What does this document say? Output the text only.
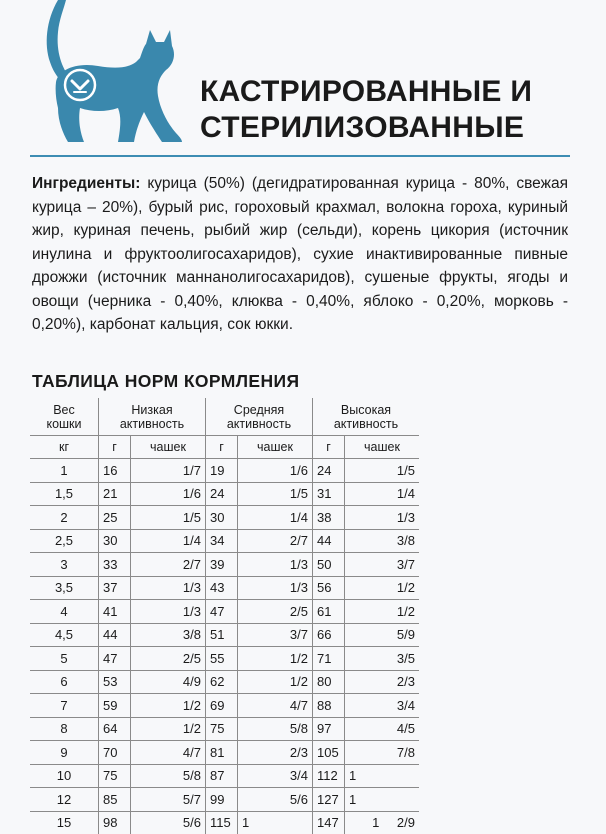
КАСТРИРОВАННЫЕ И
СТЕРИЛИЗОВАННЫЕ
Ингредиенты: курица (50%) (дегидратированная курица - 80%, свежая курица – 20%), бурый рис, гороховый крахмал, волокна гороха, куриный жир, куриная печень, рыбий жир (сельди), корень цикория (источник инулина и фруктоолигосахаридов), сухие инактивированные пивные дрожжи (источник маннанолигосахаридов), сушеные фрукты, ягоды и овощи (черника - 0,40%, клюква - 0,40%, яблоко - 0,20%, морковь - 0,20%), карбонат кальция, сок юкки.
ТАБЛИЦА НОРМ КОРМЛЕНИЯ
Вес кошки	Низкая активность		Средняя активность		Высокая активность	
кг	г	чашек	г	чашек	г	чашек
1	16	1/7	19	1/6	24	1/5
1,5	21	1/6	24	1/5	31	1/4
2	25	1/5	30	1/4	38	1/3
2,5	30	1/4	34	2/7	44	3/8
3	33	2/7	39	1/3	50	3/7
3,5	37	1/3	43	1/3	56	1/2
4	41	1/3	47	2/5	61	1/2
4,5	44	3/8	51	3/7	66	5/9
5	47	2/5	55	1/2	71	3/5
6	53	4/9	62	1/2	80	2/3
7	59	1/2	69	4/7	88	3/4
8	64	1/2	75	5/8	97	4/5
9	70	4/7	81	2/3	105	7/8
10	75	5/8	87	3/4	112	1
12	85	5/7	99	5/6	127	1
15	98	5/6	115	1	147	1 2/9
